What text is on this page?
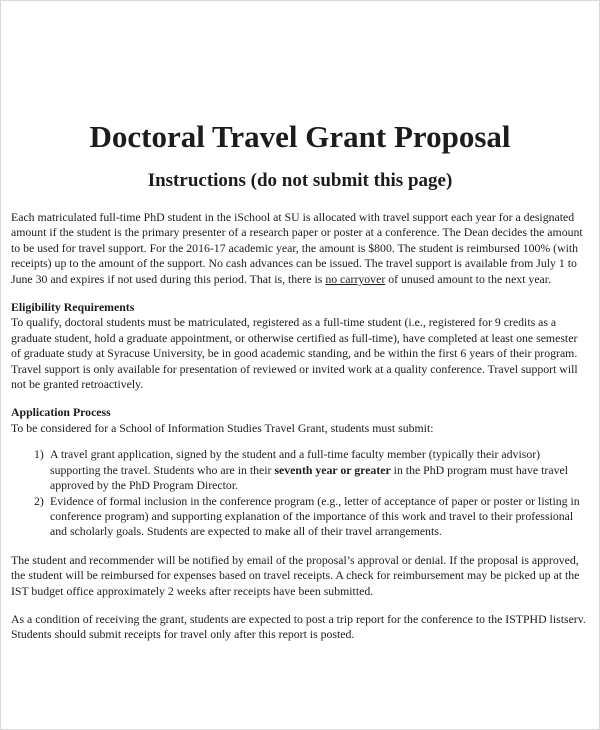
Doctoral Travel Grant Proposal
Instructions (do not submit this page)

Each matriculated full-time PhD student in the iSchool at SU is allocated with travel support each year for a designated amount if the student is the primary presenter of a research paper or poster at a conference. The Dean decides the amount to be used for travel support. For the 2016-17 academic year, the amount is $800. The student is reimbursed 100% (with receipts) up to the amount of the support. No cash advances can be issued. The travel support is available from July 1 to June 30 and expires if not used during this period. That is, there is no carryover of unused amount to the next year.

Eligibility Requirements

To qualify, doctoral students must be matriculated, registered as a full-time student (i.e., registered for 9 credits as a graduate student, hold a graduate appointment, or otherwise certified as full-time), have completed at least one semester of graduate study at Syracuse University, be in good academic standing, and be within the first 6 years of their program. Travel support is only available for presentation of reviewed or invited work at a quality conference. Travel support will not be granted retroactively.

Application Process

To be considered for a School of Information Studies Travel Grant, students must submit:

1) A travel grant application, signed by the student and a full-time faculty member (typically their advisor) supporting the travel. Students who are in their seventh year or greater in the PhD program must have travel approved by the PhD Program Director.
2) Evidence of formal inclusion in the conference program (e.g., letter of acceptance of paper or poster or listing in conference program) and supporting explanation of the importance of this work and travel to their professional and scholarly goals. Students are expected to make all of their travel arrangements.

The student and recommender will be notified by email of the proposal’s approval or denial. If the proposal is approved, the student will be reimbursed for expenses based on travel receipts. A check for reimbursement may be picked up at the IST budget office approximately 2 weeks after receipts have been submitted.

As a condition of receiving the grant, students are expected to post a trip report for the conference to the ISTPHD listserv. Students should submit receipts for travel only after this report is posted.
